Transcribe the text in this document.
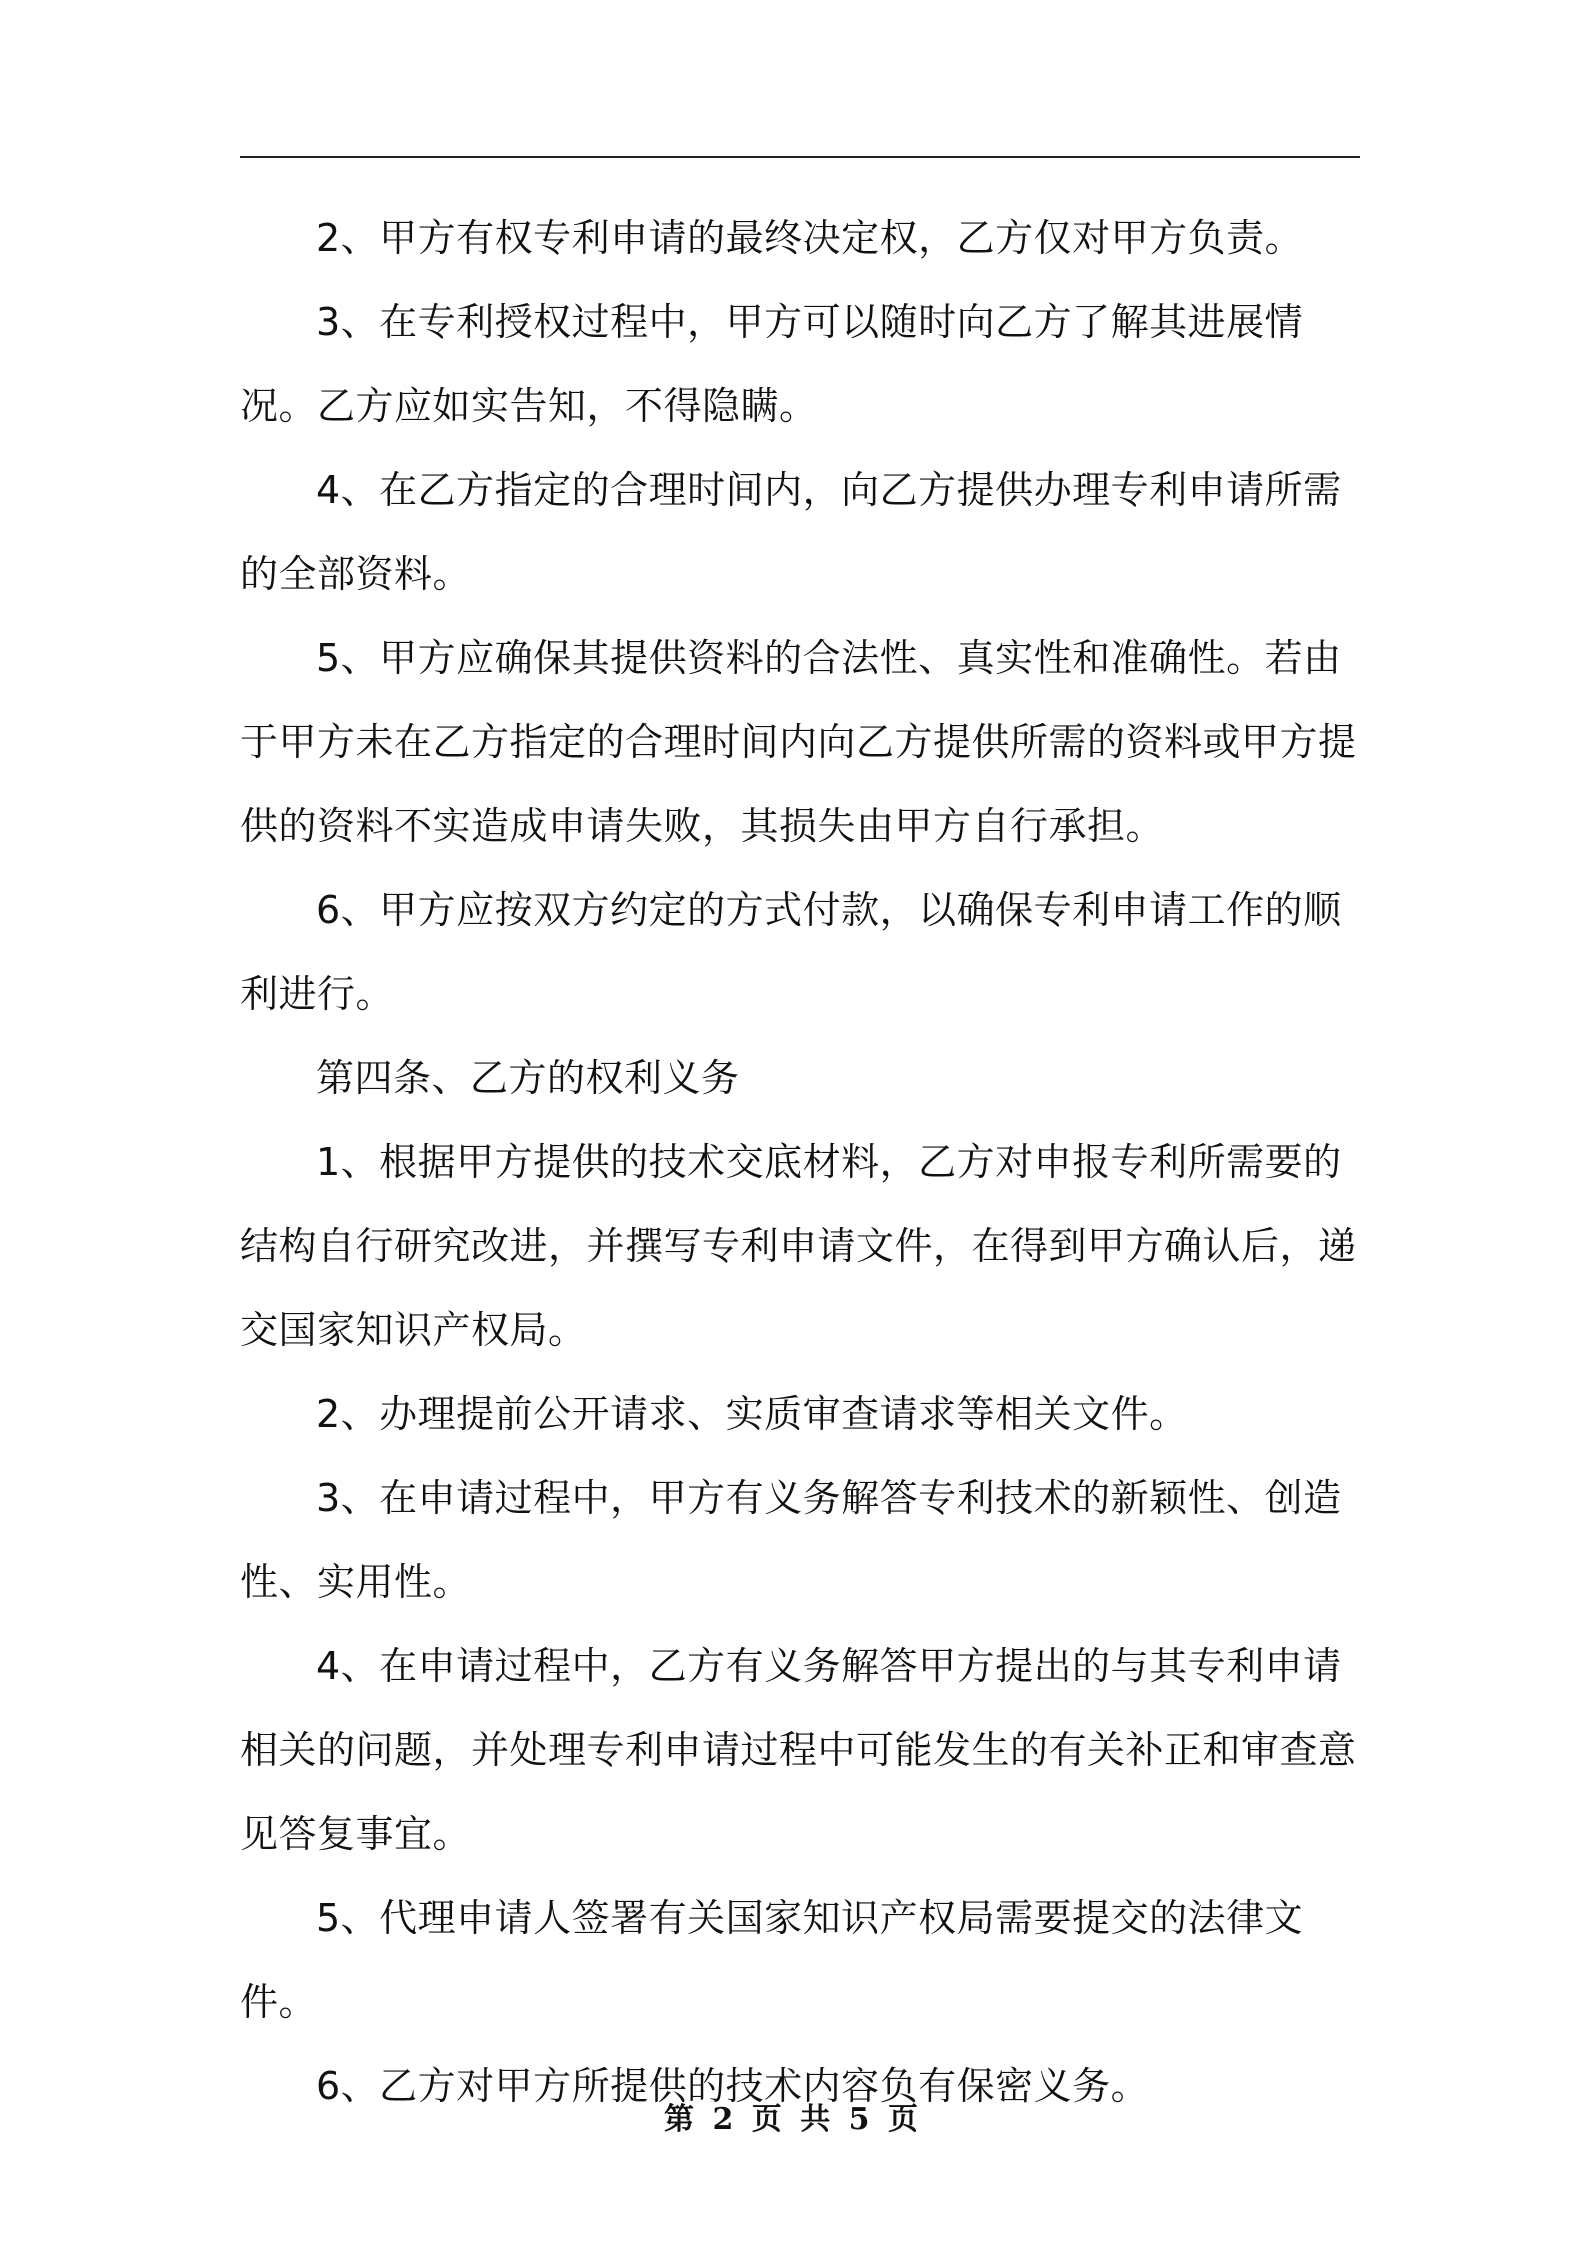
2、甲方有权专利申请的最终决定权，乙方仅对甲方负责。

3、在专利授权过程中，甲方可以随时向乙方了解其进展情况。乙方应如实告知，不得隐瞒。

4、在乙方指定的合理时间内，向乙方提供办理专利申请所需的全部资料。

5、甲方应确保其提供资料的合法性、真实性和准确性。若由于甲方未在乙方指定的合理时间内向乙方提供所需的资料或甲方提供的资料不实造成申请失败，其损失由甲方自行承担。

6、甲方应按双方约定的方式付款，以确保专利申请工作的顺利进行。

第四条、乙方的权利义务

1、根据甲方提供的技术交底材料，乙方对申报专利所需要的结构自行研究改进，并撰写专利申请文件，在得到甲方确认后，递交国家知识产权局。

2、办理提前公开请求、实质审查请求等相关文件。

3、在申请过程中，甲方有义务解答专利技术的新颖性、创造性、实用性。

4、在申请过程中，乙方有义务解答甲方提出的与其专利申请相关的问题，并处理专利申请过程中可能发生的有关补正和审查意见答复事宜。

5、代理申请人签署有关国家知识产权局需要提交的法律文件。

6、乙方对甲方所提供的技术内容负有保密义务。

第 2 页 共 5 页
